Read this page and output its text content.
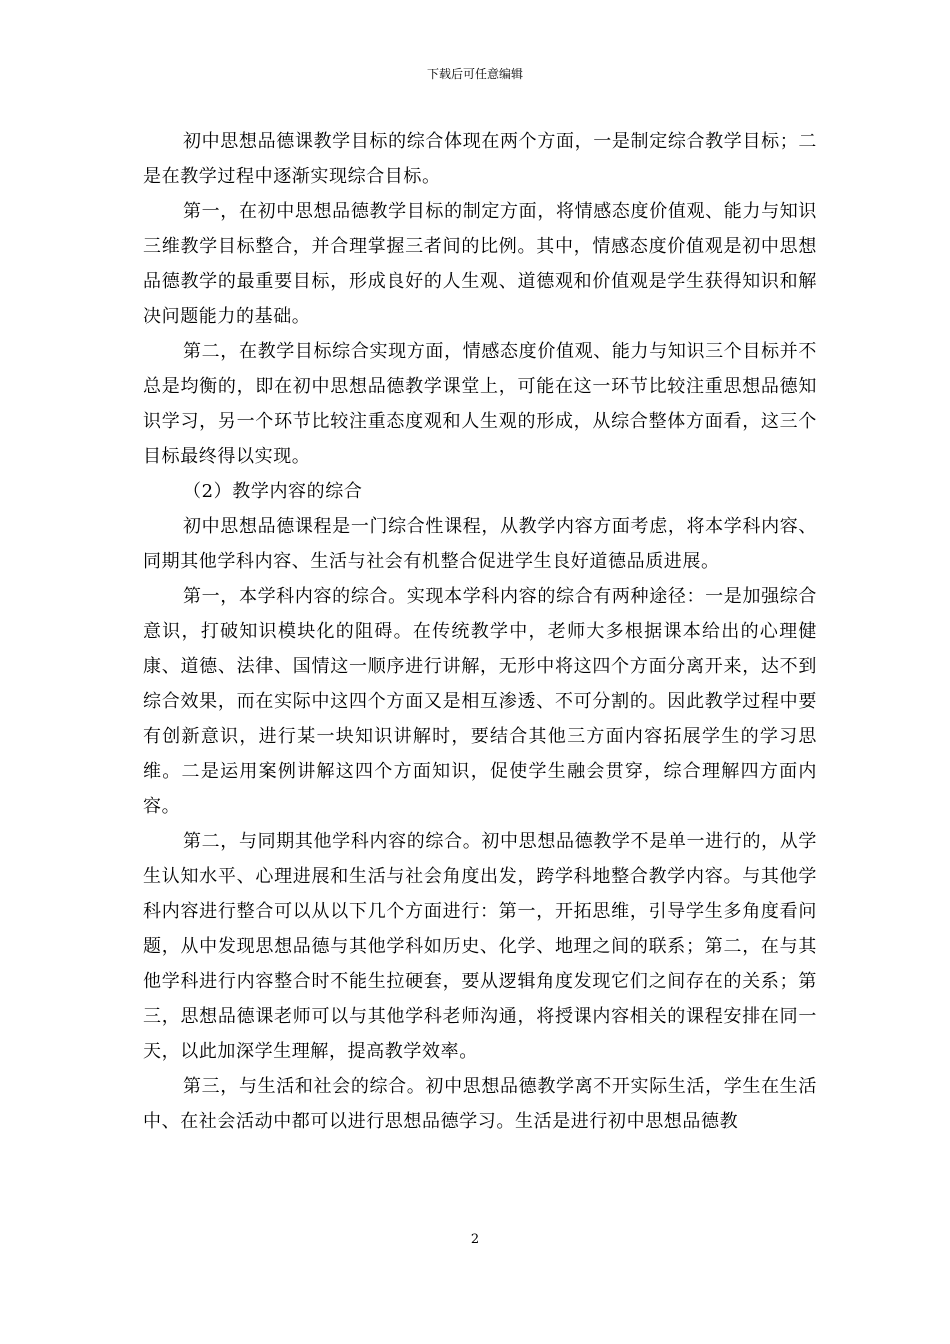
下载后可任意编辑

初中思想品德课教学目标的综合体现在两个方面，一是制定综合教学目标；二是在教学过程中逐渐实现综合目标。

第一，在初中思想品德教学目标的制定方面，将情感态度价值观、能力与知识三维教学目标整合，并合理掌握三者间的比例。其中，情感态度价值观是初中思想品德教学的最重要目标，形成良好的人生观、道德观和价值观是学生获得知识和解决问题能力的基础。

第二，在教学目标综合实现方面，情感态度价值观、能力与知识三个目标并不总是均衡的，即在初中思想品德教学课堂上，可能在这一环节比较注重思想品德知识学习，另一个环节比较注重态度观和人生观的形成，从综合整体方面看，这三个目标最终得以实现。

（2）教学内容的综合

初中思想品德课程是一门综合性课程，从教学内容方面考虑，将本学科内容、同期其他学科内容、生活与社会有机整合促进学生良好道德品质进展。

第一，本学科内容的综合。实现本学科内容的综合有两种途径：一是加强综合意识，打破知识模块化的阻碍。在传统教学中，老师大多根据课本给出的心理健康、道德、法律、国情这一顺序进行讲解，无形中将这四个方面分离开来，达不到综合效果，而在实际中这四个方面又是相互渗透、不可分割的。因此教学过程中要有创新意识，进行某一块知识讲解时，要结合其他三方面内容拓展学生的学习思维。二是运用案例讲解这四个方面知识，促使学生融会贯穿，综合理解四方面内容。

第二，与同期其他学科内容的综合。初中思想品德教学不是单一进行的，从学生认知水平、心理进展和生活与社会角度出发，跨学科地整合教学内容。与其他学科内容进行整合可以从以下几个方面进行：第一，开拓思维，引导学生多角度看问题，从中发现思想品德与其他学科如历史、化学、地理之间的联系；第二，在与其他学科进行内容整合时不能生拉硬套，要从逻辑角度发现它们之间存在的关系；第三，思想品德课老师可以与其他学科老师沟通，将授课内容相关的课程安排在同一天，以此加深学生理解，提高教学效率。

第三，与生活和社会的综合。初中思想品德教学离不开实际生活，学生在生活中、在社会活动中都可以进行思想品德学习。生活是进行初中思想品德教

2
